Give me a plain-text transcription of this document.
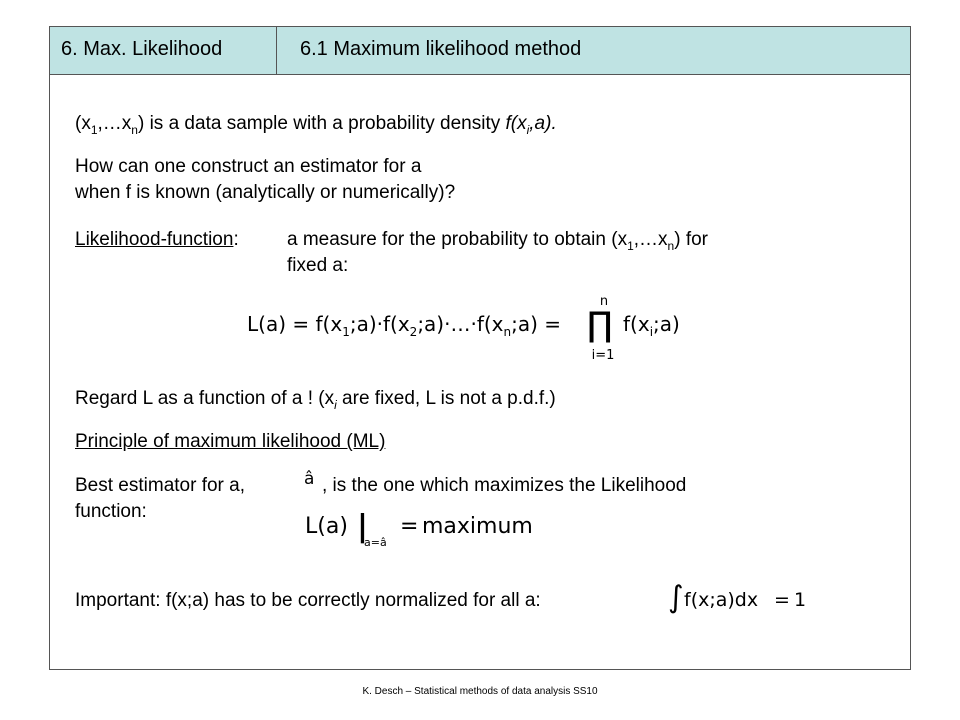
6. Max. Likelihood	6.1 Maximum likelihood method
$(x_1,\dots x_n)$ is a data sample with a probability density $f(x_i,a)$.
How can one construct an estimator for a
when f is known (analytically or numerically)?
Likelihood-function:	a measure for the probability to obtain $(x_1,\dots x_n)$ for
fixed a:
$L(a) = f(x_1;a)\cdot f(x_2;a)\cdot\dots\cdot f(x_n;a)$ =
n
∏
i=1
$f(x_i;a)$
Regard L as a function of a ! ($x_i$ are fixed, L is not a p.d.f.)
Principle of maximum likelihood (ML)
Best estimator for a,	â , is the one which maximizes the Likelihood
function:
L(a) |
a=â
= maximum
Important: f(x;a) has to be correctly normalized for all a:	∫ f(x;a)dx = 1
K. Desch – Statistical methods of data analysis SS10
